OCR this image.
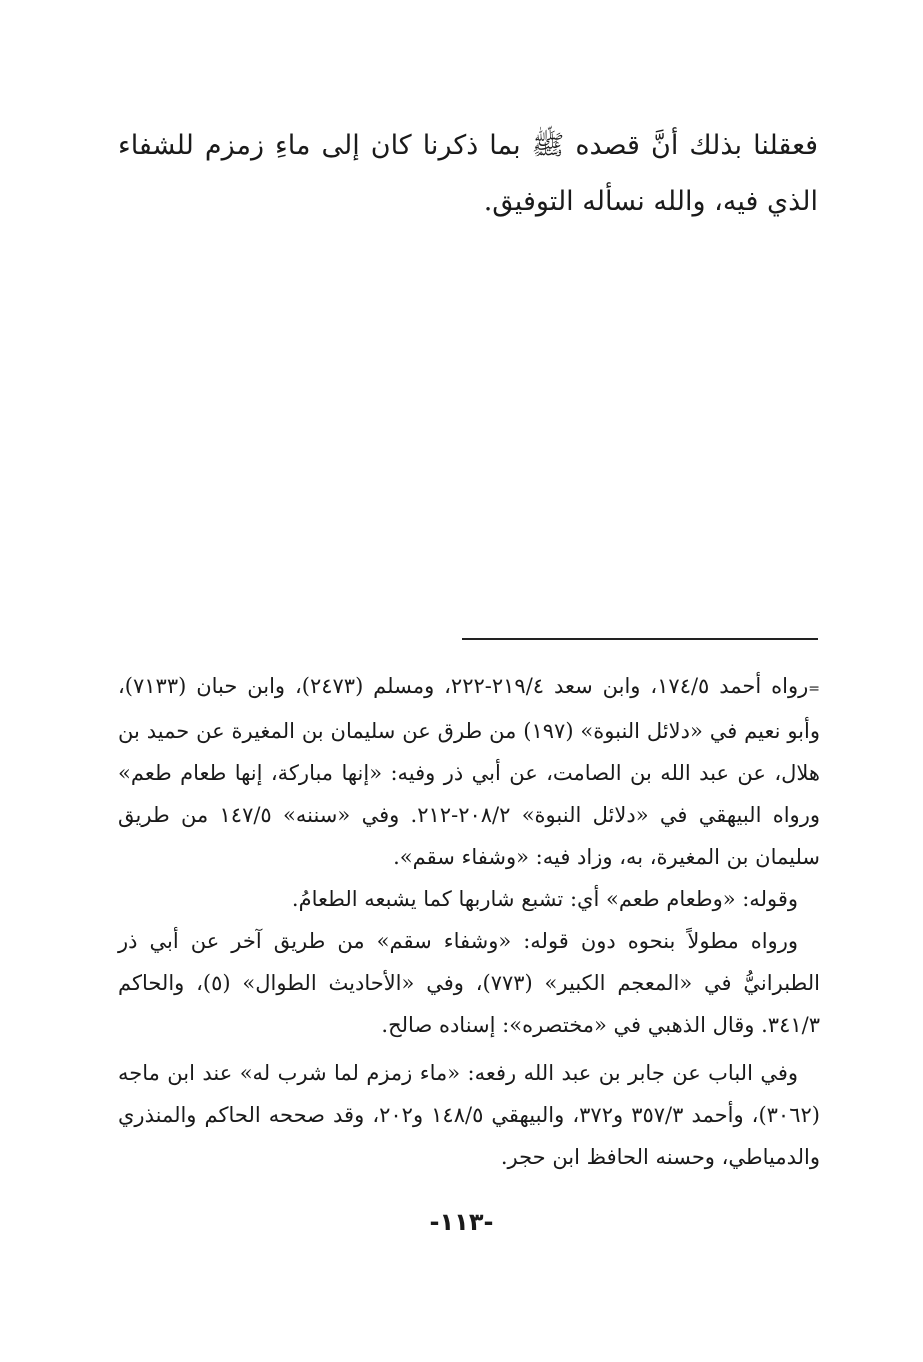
فعقلنا بذلك أنَّ قصده ﷺ بما ذكرنا كان إلى ماءِ زمزم للشفاء الذي فيه، والله نسأله التوفيق.

=رواه أحمد ١٧٤/٥، وابن سعد ٢١٩/٤-٢٢٢، ومسلم (٢٤٧٣)، وابن حبان (٧١٣٣)، وأبو نعيم في «دلائل النبوة» (١٩٧) من طرق عن سليمان بن المغيرة عن حميد بن هلال، عن عبد الله بن الصامت، عن أبي ذر وفيه: «إنها مباركة، إنها طعام طعم» ورواه البيهقي في «دلائل النبوة» ٢٠٨/٢-٢١٢. وفي «سننه» ١٤٧/٥ من طريق سليمان بن المغيرة، به، وزاد فيه: «وشفاء سقم».

وقوله: «وطعام طعم» أي: تشبع شاربها كما يشبعه الطعامُ.

ورواه مطولاً بنحوه دون قوله: «وشفاء سقم» من طريق آخر عن أبي ذر الطبرانيُّ في «المعجم الكبير» (٧٧٣)، وفي «الأحاديث الطوال» (٥)، والحاكم ٣٤١/٣. وقال الذهبي في «مختصره»: إسناده صالح.

وفي الباب عن جابر بن عبد الله رفعه: «ماء زمزم لما شرب له» عند ابن ماجه (٣٠٦٢)، وأحمد ٣٥٧/٣ و٣٧٢، والبيهقي ١٤٨/٥ و٢٠٢، وقد صححه الحاكم والمنذري والدمياطي، وحسنه الحافظ ابن حجر.

-١١٣-
